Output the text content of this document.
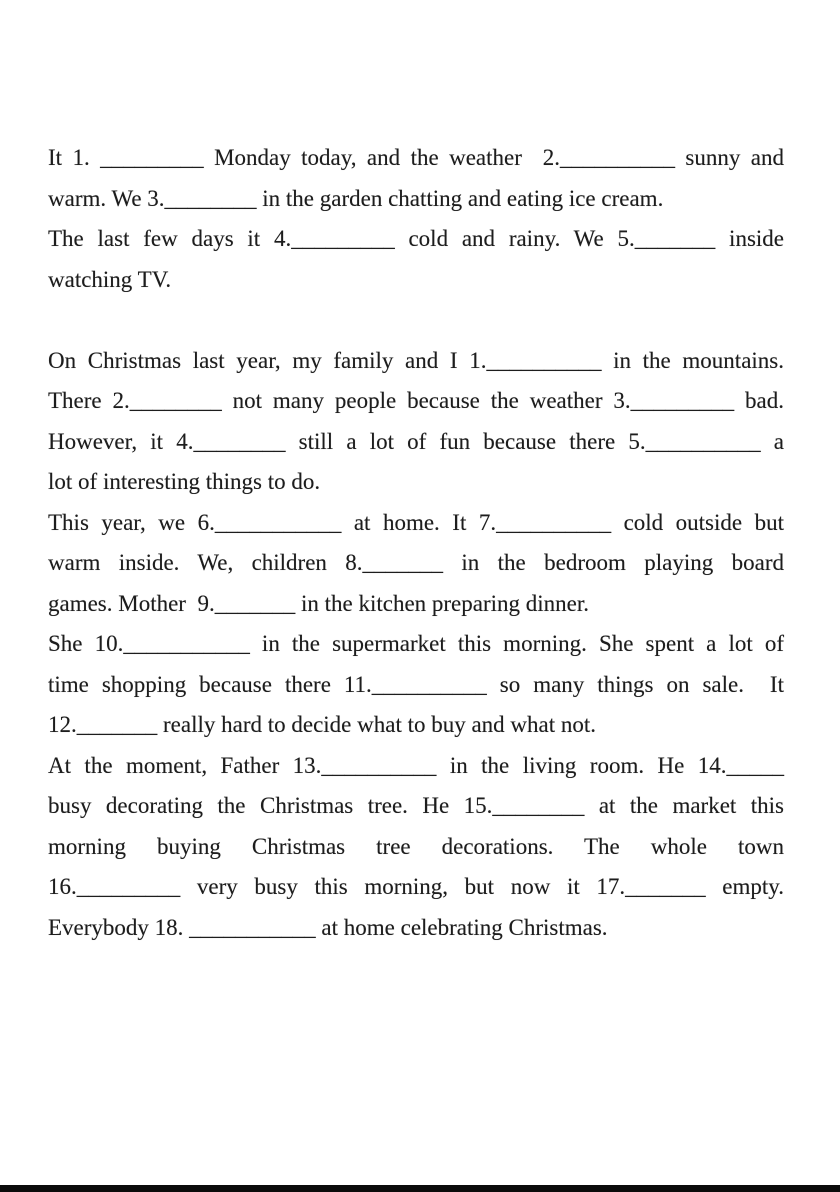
It 1. _________ Monday today, and the weather  2.__________ sunny and
warm. We 3.________ in the garden chatting and eating ice cream.
The last few days it 4._________ cold and rainy. We 5._______ inside
watching TV.
On Christmas last year, my family and I 1.__________ in the mountains.
There 2.________ not many people because the weather 3._________ bad.
However, it 4.________ still a lot of fun because there 5.__________ a
lot of interesting things to do.
This year, we 6.___________ at home. It 7.__________ cold outside but
warm inside. We, children 8._______ in the bedroom playing board
games. Mother  9._______ in the kitchen preparing dinner.
She 10.___________ in the supermarket this morning. She spent a lot of
time shopping because there 11.__________ so many things on sale.  It
12._______ really hard to decide what to buy and what not.
At the moment, Father 13.__________ in the living room. He 14._____
busy decorating the Christmas tree. He 15.________ at the market this
morning buying Christmas tree decorations. The whole town
16._________ very busy this morning, but now it 17._______ empty.
Everybody 18. ___________ at home celebrating Christmas.
